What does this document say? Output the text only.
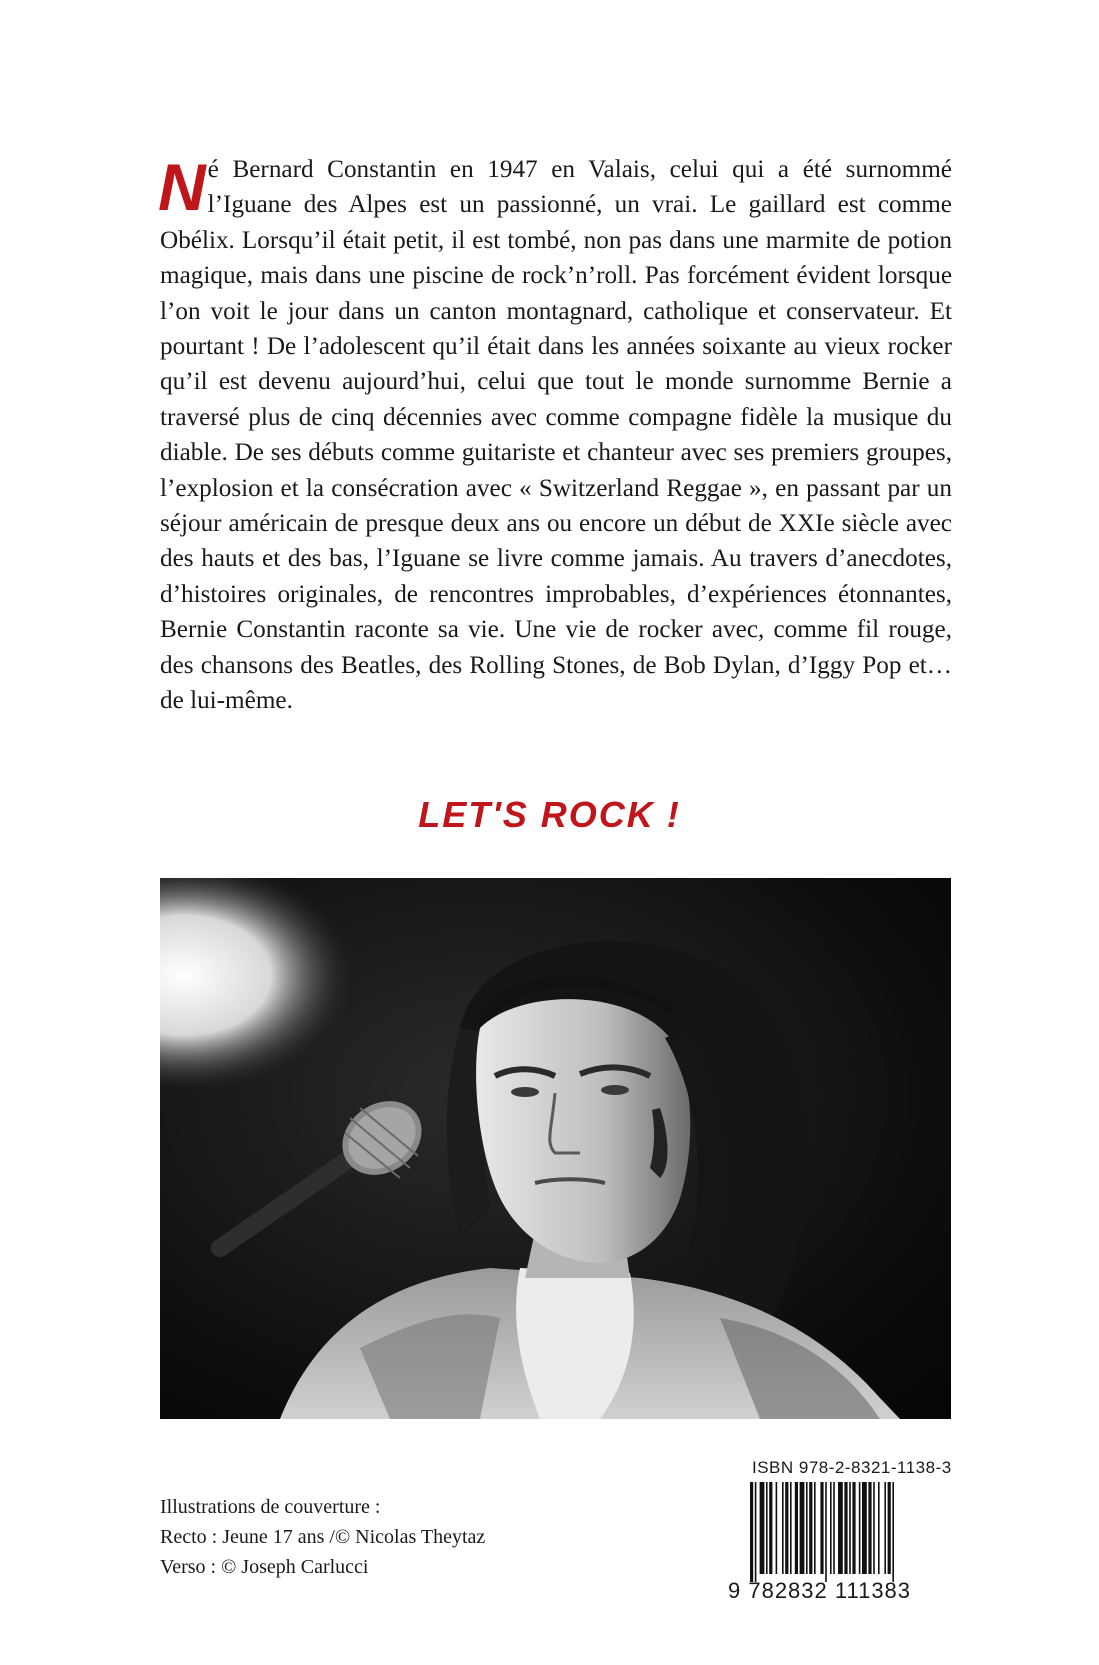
Né Bernard Constantin en 1947 en Valais, celui qui a été surnommé l’Iguane des Alpes est un passionné, un vrai. Le gaillard est comme Obélix. Lorsqu’il était petit, il est tombé, non pas dans une marmite de potion magique, mais dans une piscine de rock’n’roll. Pas forcément évident lorsque l’on voit le jour dans un canton montagnard, catholique et conservateur. Et pourtant ! De l’adolescent qu’il était dans les années soixante au vieux rocker qu’il est devenu aujourd’hui, celui que tout le monde surnomme Bernie a traversé plus de cinq décennies avec comme compagne fidèle la musique du diable. De ses débuts comme guitariste et chanteur avec ses premiers groupes, l’explosion et la consécration avec « Switzerland Reggae », en passant par un séjour américain de presque deux ans ou encore un début de XXIe siècle avec des hauts et des bas, l’Iguane se livre comme jamais. Au travers d’anecdotes, d’histoires originales, de rencontres improbables, d’expériences étonnantes, Bernie Constantin raconte sa vie. Une vie de rocker avec, comme fil rouge, des chansons des Beatles, des Rolling Stones, de Bob Dylan, d’Iggy Pop et… de lui-même.

LET'S ROCK !

Illustrations de couverture :
Recto : Jeune 17 ans /© Nicolas Theytaz
Verso : © Joseph Carlucci

ISBN 978-2-8321-1138-3

9 782832 111383
